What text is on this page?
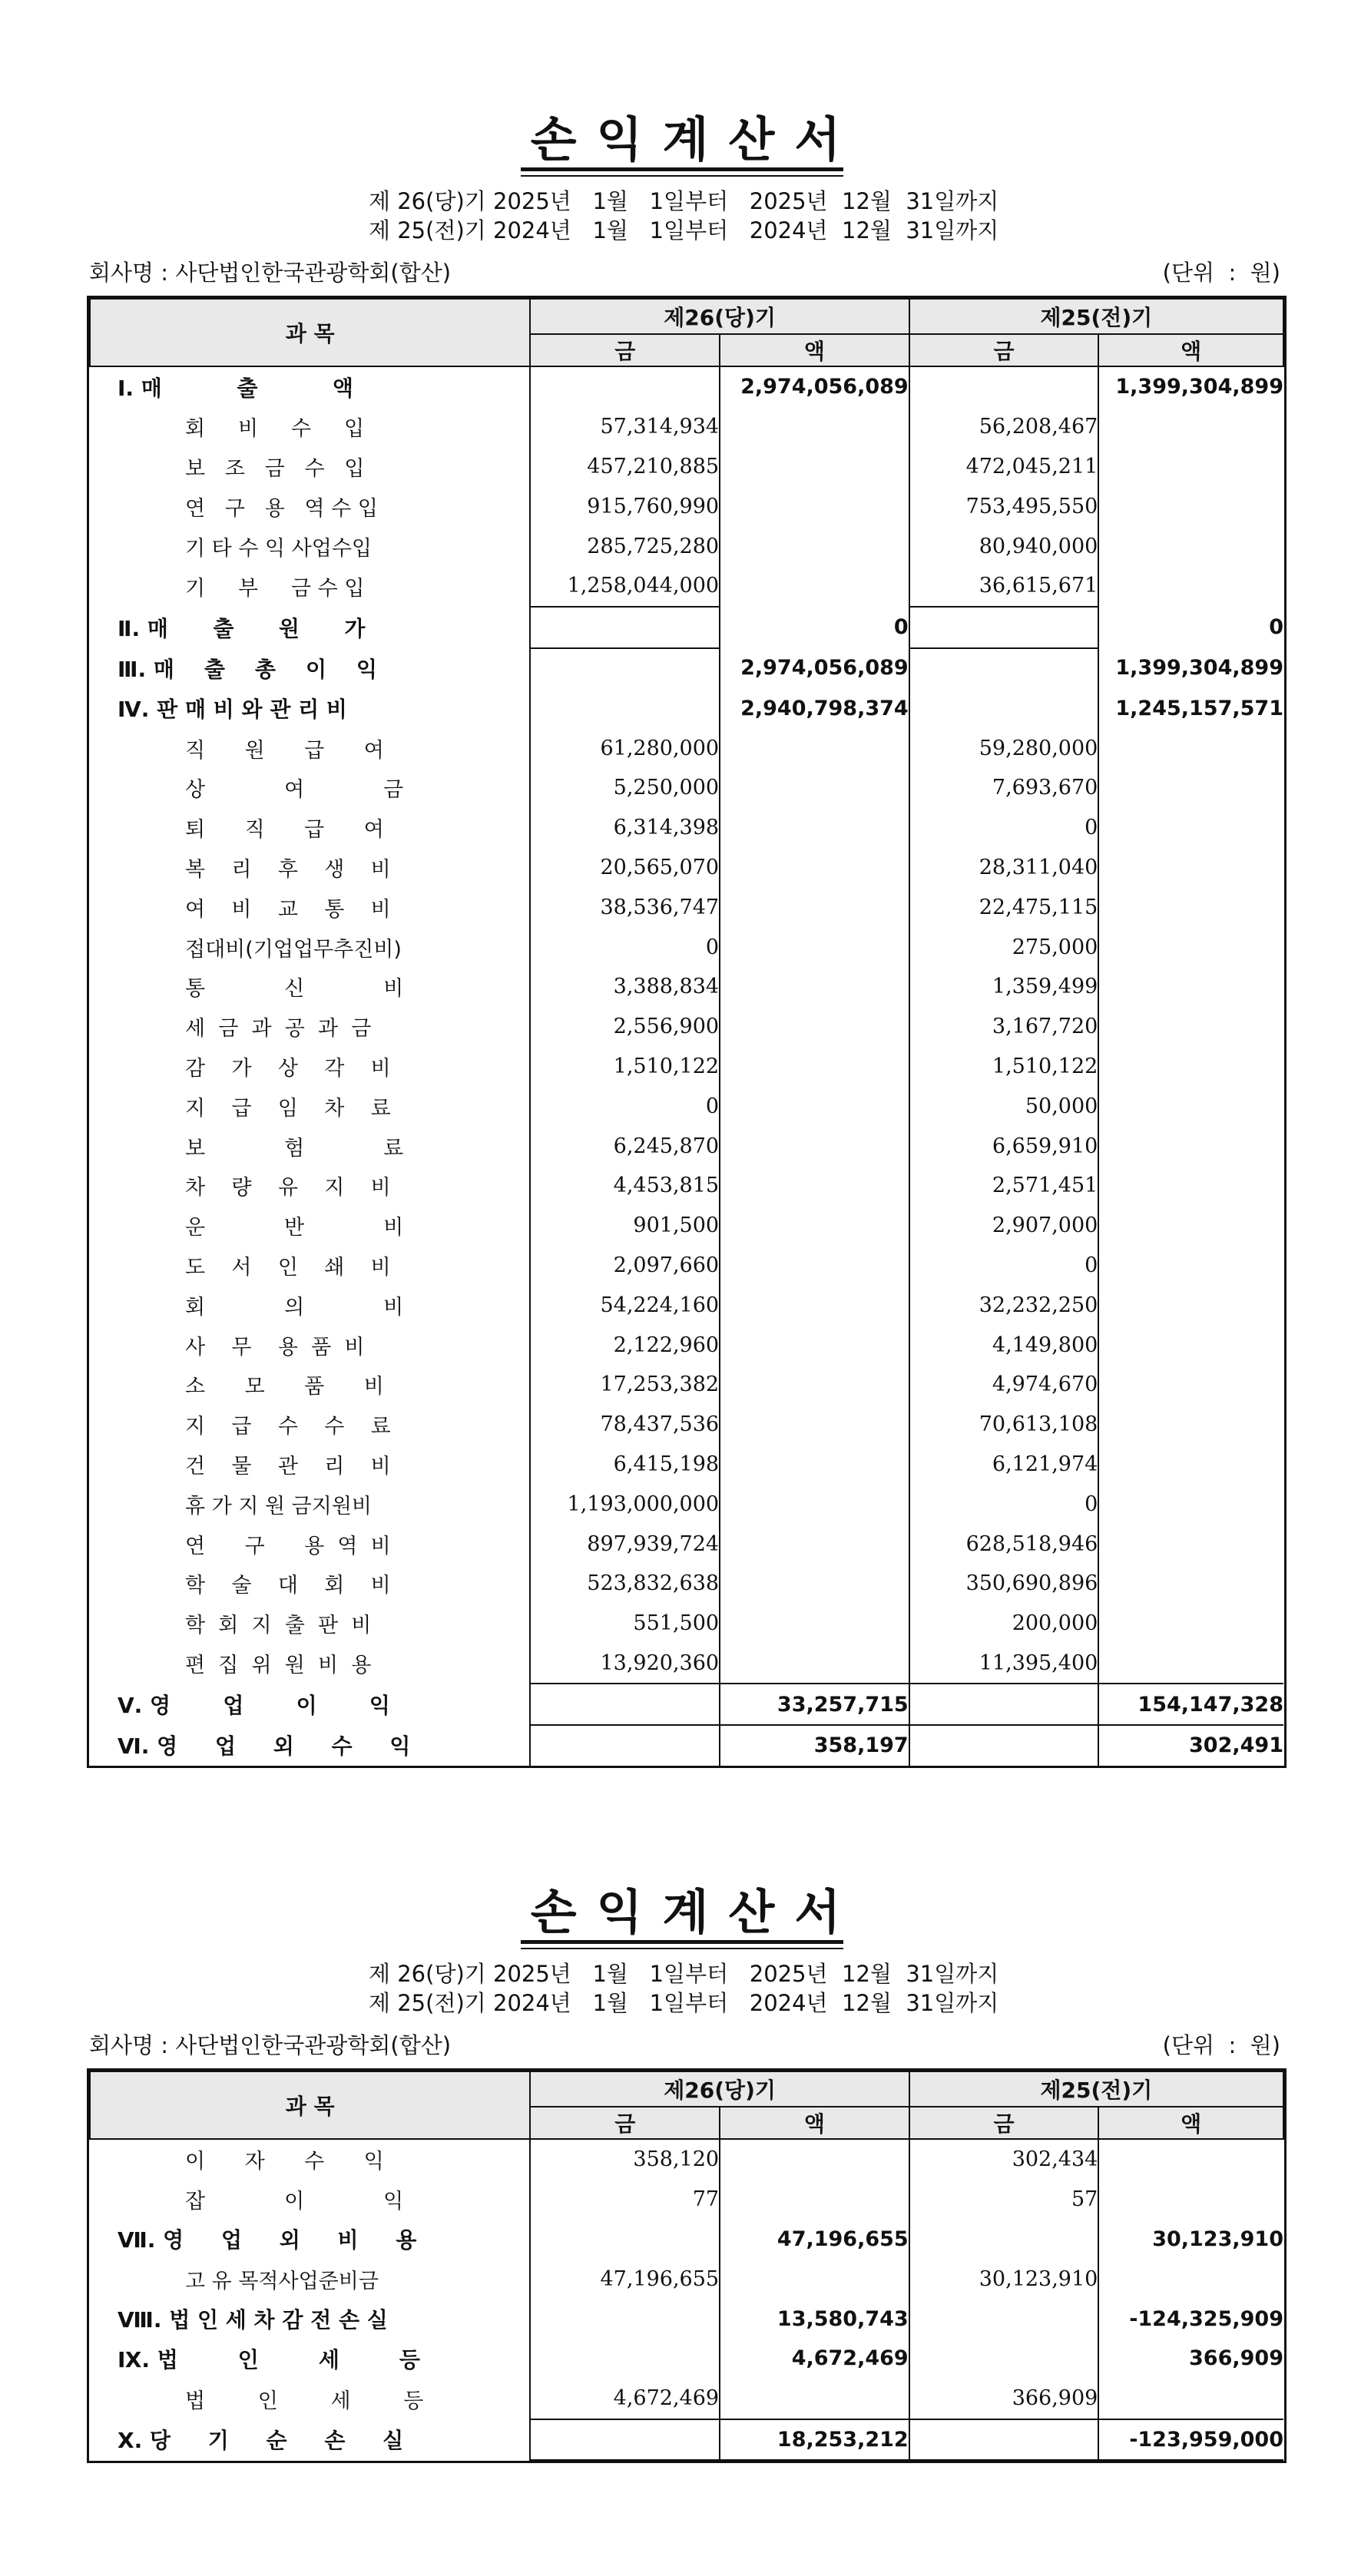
손익계산서
제 26(당)기 2025년   1월   1일부터   2025년  12월  31일까지
제 25(전)기 2024년   1월   1일부터   2024년  12월  31일까지
회사명 : 사단법인한국관광학회(합산)	(단위  :  원)
과 목	제26(당)기		제25(전)기	
	금	액	금	액
Ⅰ. 매          출          액		2,974,056,089		1,399,304,899
회     비     수     입	57,314,934		56,208,467	
보   조   금   수   입	457,210,885		472,045,211	
연   구   용   역 수 입	915,760,990		753,495,550	
기 타 수 익 사업수입	285,725,280		80,940,000	
기     부     금 수 입	1,258,044,000		36,615,671	
Ⅱ. 매      출      원      가		0		0
Ⅲ. 매    출    총    이    익		2,974,056,089		1,399,304,899
Ⅳ. 판 매 비 와 관 리 비		2,940,798,374		1,245,157,571
직      원      급      여	61,280,000		59,280,000	
상            여            금	5,250,000		7,693,670	
퇴      직      급      여	6,314,398		0	
복    리    후    생    비	20,565,070		28,311,040	
여    비    교    통    비	38,536,747		22,475,115	
접대비(기업업무추진비)	0		275,000	
통            신            비	3,388,834		1,359,499	
세  금  과  공  과  금	2,556,900		3,167,720	
감    가    상    각    비	1,510,122		1,510,122	
지    급    임    차    료	0		50,000	
보            험            료	6,245,870		6,659,910	
차    량    유    지    비	4,453,815		2,571,451	
운            반            비	901,500		2,907,000	
도    서    인    쇄    비	2,097,660		0	
회            의            비	54,224,160		32,232,250	
사    무    용  품  비	2,122,960		4,149,800	
소      모      품      비	17,253,382		4,974,670	
지    급    수    수    료	78,437,536		70,613,108	
건    물    관    리    비	6,415,198		6,121,974	
휴 가 지 원 금지원비	1,193,000,000		0	
연      구      용  역  비	897,939,724		628,518,946	
학    술    대    회    비	523,832,638		350,690,896	
학  회  지  출  판  비	551,500		200,000	
편  집  위  원  비  용	13,920,360		11,395,400	
Ⅴ. 영       업       이       익		33,257,715		154,147,328
Ⅵ. 영     업     외     수     익		358,197		302,491
손익계산서
제 26(당)기 2025년   1월   1일부터   2025년  12월  31일까지
제 25(전)기 2024년   1월   1일부터   2024년  12월  31일까지
회사명 : 사단법인한국관광학회(합산)	(단위  :  원)
과 목	제26(당)기		제25(전)기	
	금	액	금	액
이      자      수      익	358,120		302,434	
잡            이            익	77		57	
Ⅶ. 영     업     외     비     용		47,196,655		30,123,910
고 유 목적사업준비금	47,196,655		30,123,910	
Ⅷ. 법 인 세 차 감 전 손 실		13,580,743		-124,325,909
Ⅸ. 법        인        세        등		4,672,469		366,909
법        인        세        등	4,672,469		366,909	
Ⅹ. 당     기     순     손     실		18,253,212		-123,959,000
